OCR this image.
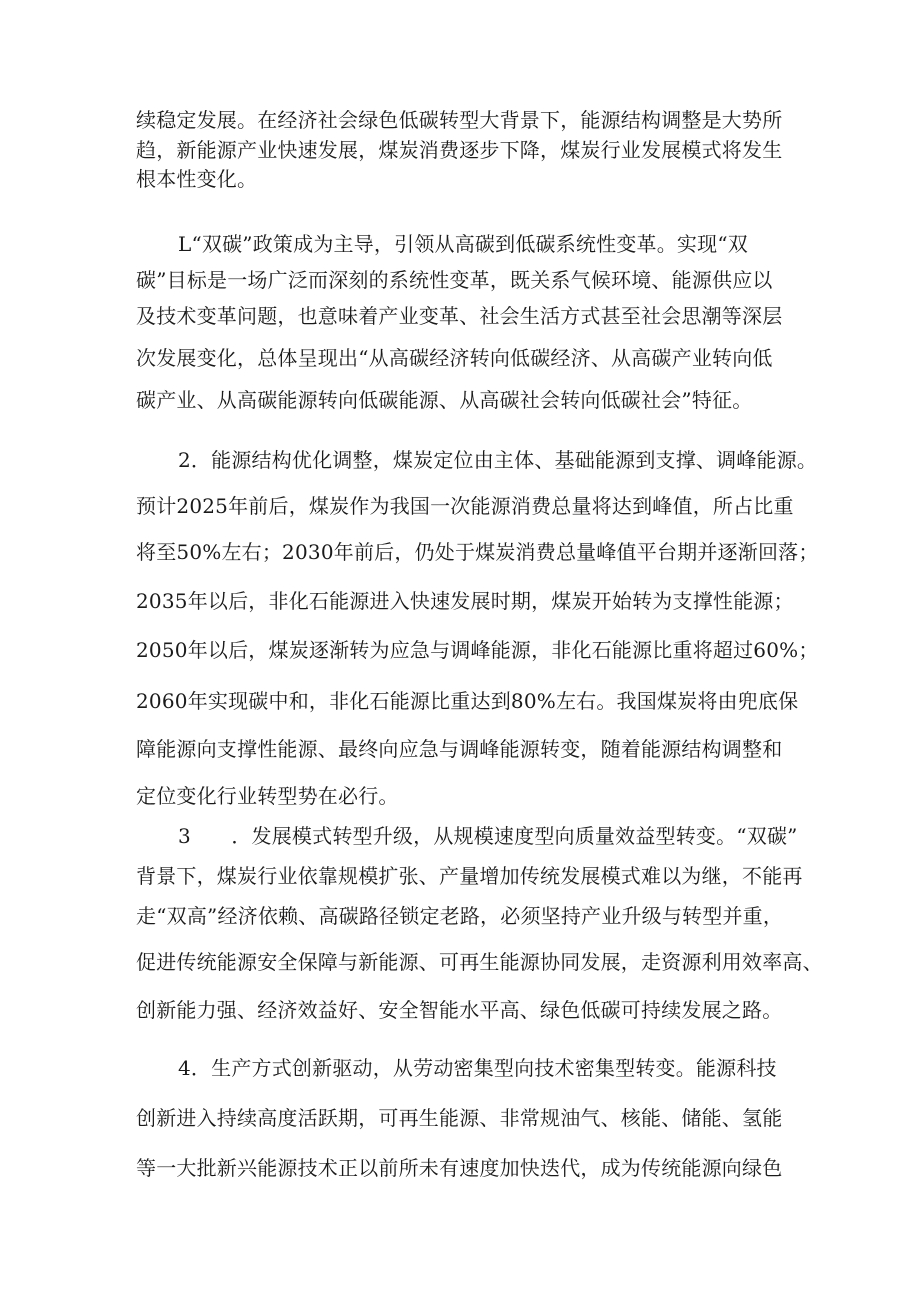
续稳定发展。在经济社会绿色低碳转型大背景下，能源结构调整是大势所
趋，新能源产业快速发展，煤炭消费逐步下降，煤炭行业发展模式将发生
根本性变化。
L“双碳”政策成为主导，引领从高碳到低碳系统性变革。实现“双
碳”目标是一场广泛而深刻的系统性变革，既关系气候环境、能源供应以
及技术变革问题，也意味着产业变革、社会生活方式甚至社会思潮等深层
次发展变化，总体呈现出“从高碳经济转向低碳经济、从高碳产业转向低
碳产业、从高碳能源转向低碳能源、从高碳社会转向低碳社会”特征。
2．能源结构优化调整，煤炭定位由主体、基础能源到支撑、调峰能源。
预计2025年前后，煤炭作为我国一次能源消费总量将达到峰值，所占比重
将至50%左右；2030年前后，仍处于煤炭消费总量峰值平台期并逐渐回落；
2035年以后，非化石能源进入快速发展时期，煤炭开始转为支撑性能源；
2050年以后，煤炭逐渐转为应急与调峰能源，非化石能源比重将超过60%；
2060年实现碳中和，非化石能源比重达到80%左右。我国煤炭将由兜底保
障能源向支撑性能源、最终向应急与调峰能源转变，随着能源结构调整和
定位变化行业转型势在必行。
3　　．发展模式转型升级，从规模速度型向质量效益型转变。“双碳”
背景下，煤炭行业依靠规模扩张、产量增加传统发展模式难以为继，不能再
走“双高”经济依赖、高碳路径锁定老路，必须坚持产业升级与转型并重，
促进传统能源安全保障与新能源、可再生能源协同发展，走资源利用效率高、
创新能力强、经济效益好、安全智能水平高、绿色低碳可持续发展之路。
4．生产方式创新驱动，从劳动密集型向技术密集型转变。能源科技
创新进入持续高度活跃期，可再生能源、非常规油气、核能、储能、氢能
等一大批新兴能源技术正以前所未有速度加快迭代，成为传统能源向绿色
